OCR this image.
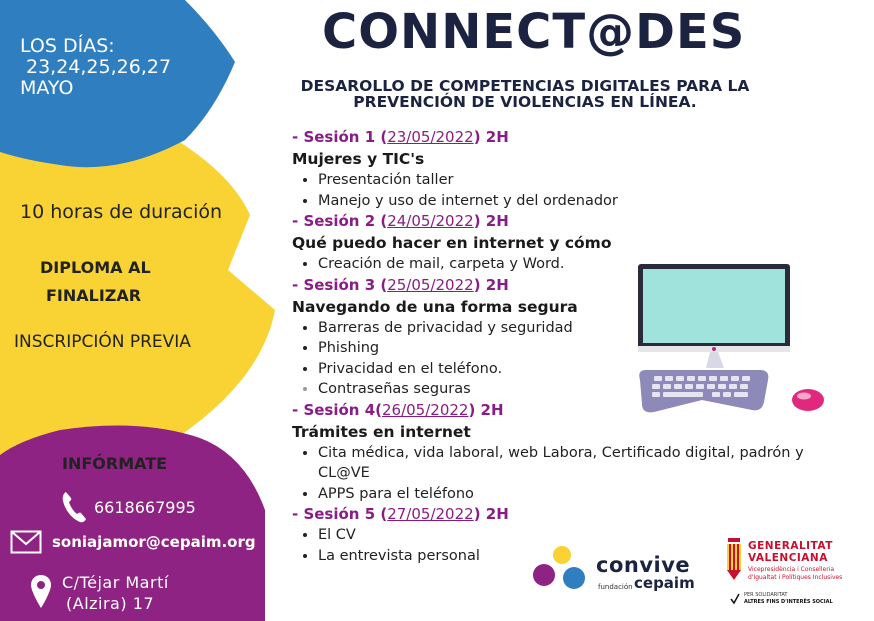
LOS DÍAS:
23,24,25,26,27
MAYO
10 horas de duración
DIPLOMA AL
FINALIZAR
INSCRIPCIÓN PREVIA
INFÓRMATE
6618667995
soniajamor@cepaim.org
C/Téjar Martí
(Alzira) 17
CONNECT@DES
DESAROLLO DE COMPETENCIAS DIGITALES PARA LA
PREVENCIÓN DE VIOLENCIAS EN LÍNEA.
- Sesión 1 (23/05/2022) 2H
Mujeres y TIC's
• Presentación taller
• Manejo y uso de internet y del ordenador
- Sesión 2 (24/05/2022) 2H
Qué puedo hacer en internet y cómo
• Creación de mail, carpeta y Word.
- Sesión 3 (25/05/2022) 2H
Navegando de una forma segura
• Barreras de privacidad y seguridad
• Phishing
• Privacidad en el teléfono.
• Contraseñas seguras
- Sesión 4(26/05/2022) 2H
Trámites en internet
• Cita médica, vida laboral, web Labora, Certificado digital, padrón y CL@VE
• APPS para el teléfono
- Sesión 5 (27/05/2022) 2H
• El CV
• La entrevista personal	convive
fundación cepaim
GENERALITAT
VALENCIANA
Vicepresidència i Conselleria
d'Igualtat i Polítiques Inclusives
PER SOLIDARITAT
ALTRES FINS D'INTERÈS SOCIAL
